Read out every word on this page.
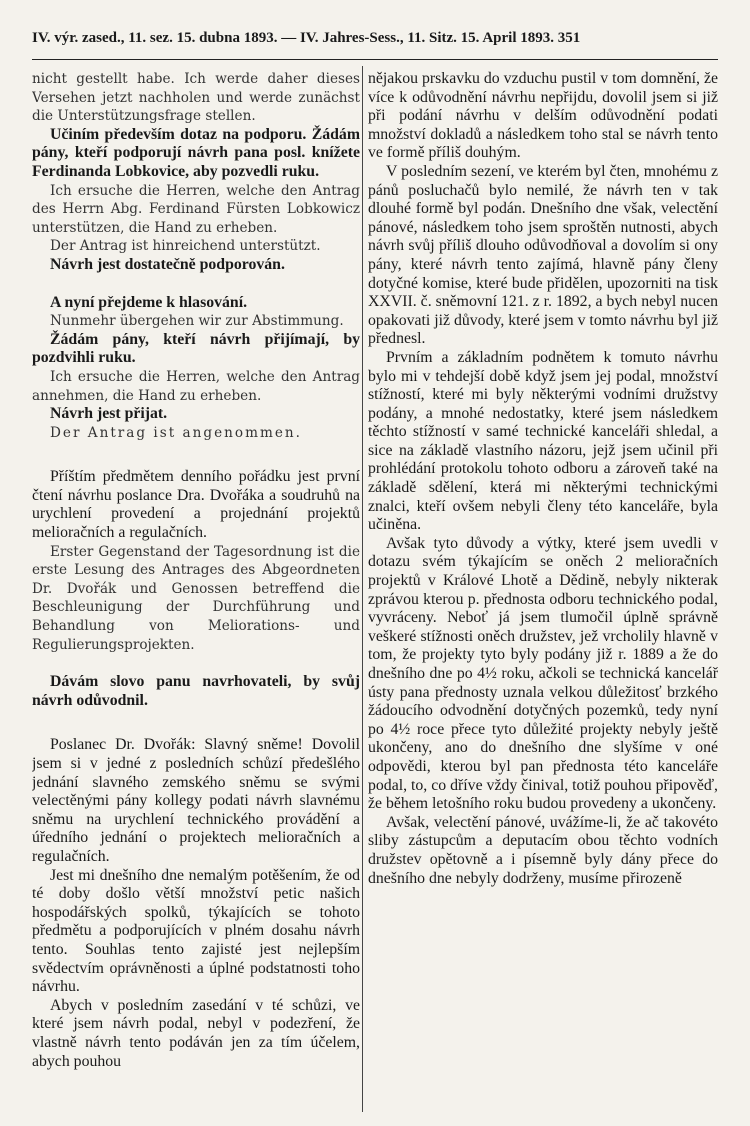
IV. výr. zased., 11. sez. 15. dubna 1893. — IV. Jahres-Sess., 11. Sitz. 15. April 1893. 351

nicht gestellt habe. Ich werde daher dieses Versehen jetzt nachholen und werde zunächst die Unterstützungsfrage stellen.

Učiním především dotaz na podporu. Žádám pány, kteří podporují návrh pana posl. knížete Ferdinanda Lobkovice, aby pozvedli ruku.

Ich ersuche die Herren, welche den Antrag des Herrn Abg. Ferdinand Fürsten Lobkowicz unterstützen, die Hand zu erheben.

Der Antrag ist hinreichend unterstützt.

Návrh jest dostatečně podporován.

A nyní přejdeme k hlasování.

Nunmehr übergehen wir zur Abstimmung.

Žádám pány, kteří návrh přijímají, by pozdvihli ruku.

Ich ersuche die Herren, welche den Antrag annehmen, die Hand zu erheben.

Návrh jest přijat.

Der Antrag ist angenommen.

Příštím předmětem denního pořádku jest první čtení návrhu poslance Dra. Dvořáka a soudruhů na urychlení provedení a projednání projektů melioračních a regulačních.

Erster Gegenstand der Tagesordnung ist die erste Lesung des Antrages des Abgeordneten Dr. Dvořák und Genossen betreffend die Beschleunigung der Durchführung und Behandlung von Meliorations- und Regulierungsprojekten.

Dávám slovo panu navrhovateli, by svůj návrh odůvodnil.

Poslanec Dr. Dvořák: Slavný sněme! Dovolil jsem si v jedné z posledních schůzí předešlého jednání slavného zemského sněmu se svými velectěnými pány kollegy podati návrh slavnému sněmu na urychlení technického provádění a úředního jednání o projektech melioračních a regulačních.

Jest mi dnešního dne nemalým potěšením, že od té doby došlo větší množství petic našich hospodářských spolků, týkajících se tohoto předmětu a podporujících v plném dosahu návrh tento. Souhlas tento zajisté jest nejlepším svědectvím oprávněnosti a úplné podstatnosti toho návrhu.

Abych v posledním zasedání v té schůzi, ve které jsem návrh podal, nebyl v podezření, že vlastně návrh tento podáván jen za tím účelem, abych pouhou

nějakou prskavku do vzduchu pustil v tom domnění, že více k odůvodnění návrhu nepřijdu, dovolil jsem si již při podání návrhu v delším odůvodnění podati množství dokladů a následkem toho stal se návrh tento ve formě příliš douhým.

V posledním sezení, ve kterém byl čten, mnohému z pánů posluchačů bylo nemilé, že návrh ten v tak dlouhé formě byl podán. Dnešního dne však, velectění pánové, následkem toho jsem sproštěn nutnosti, abych návrh svůj příliš dlouho odůvodňoval a dovolím si ony pány, které návrh tento zajímá, hlavně pány členy dotyčné komise, které bude přidělen, upozorniti na tisk XXVII. č. sněmovní 121. z r. 1892, a bych nebyl nucen opakovati již důvody, které jsem v tomto návrhu byl již přednesl.

Prvním a základním podnětem k tomuto návrhu bylo mi v tehdejší době když jsem jej podal, množství stížností, které mi byly některými vodními družstvy podány, a mnohé nedostatky, které jsem následkem těchto stížností v samé technické kanceláři shledal, a sice na základě vlastního názoru, jejž jsem učinil při prohlédání protokolu tohoto odboru a zároveň také na základě sdělení, která mi některými technickými znalci, kteří ovšem nebyli členy této kanceláře, byla učiněna.

Avšak tyto důvody a výtky, které jsem uvedli v dotazu svém týkajícím se oněch 2 melioračních projektů v Králové Lhotě a Dědině, nebyly nikterak zprávou kterou p. přednosta odboru technického podal, vyvráceny. Neboť já jsem tlumočil úplně správně veškeré stížnosti oněch družstev, jež vrcholily hlavně v tom, že projekty tyto byly podány již r. 1889 a že do dnešního dne po 4½ roku, ačkoli se technická kancelář ústy pana přednosty uznala velkou důležitosť brzkého žádoucího odvodnění dotyčných pozemků, tedy nyní po 4½ roce přece tyto důležité projekty nebyly ještě ukončeny, ano do dnešního dne slyšíme v oné odpovědi, kterou byl pan přednosta této kanceláře podal, to, co dříve vždy činival, totiž pouhou připověď, že během letošního roku budou provedeny a ukončeny.

Avšak, velectění pánové, uvážíme-li, že ač takovéto sliby zástupcům a deputacím obou těchto vodních družstev opětovně a i písemně byly dány přece do dnešního dne nebyly dodrženy, musíme přirozeně
